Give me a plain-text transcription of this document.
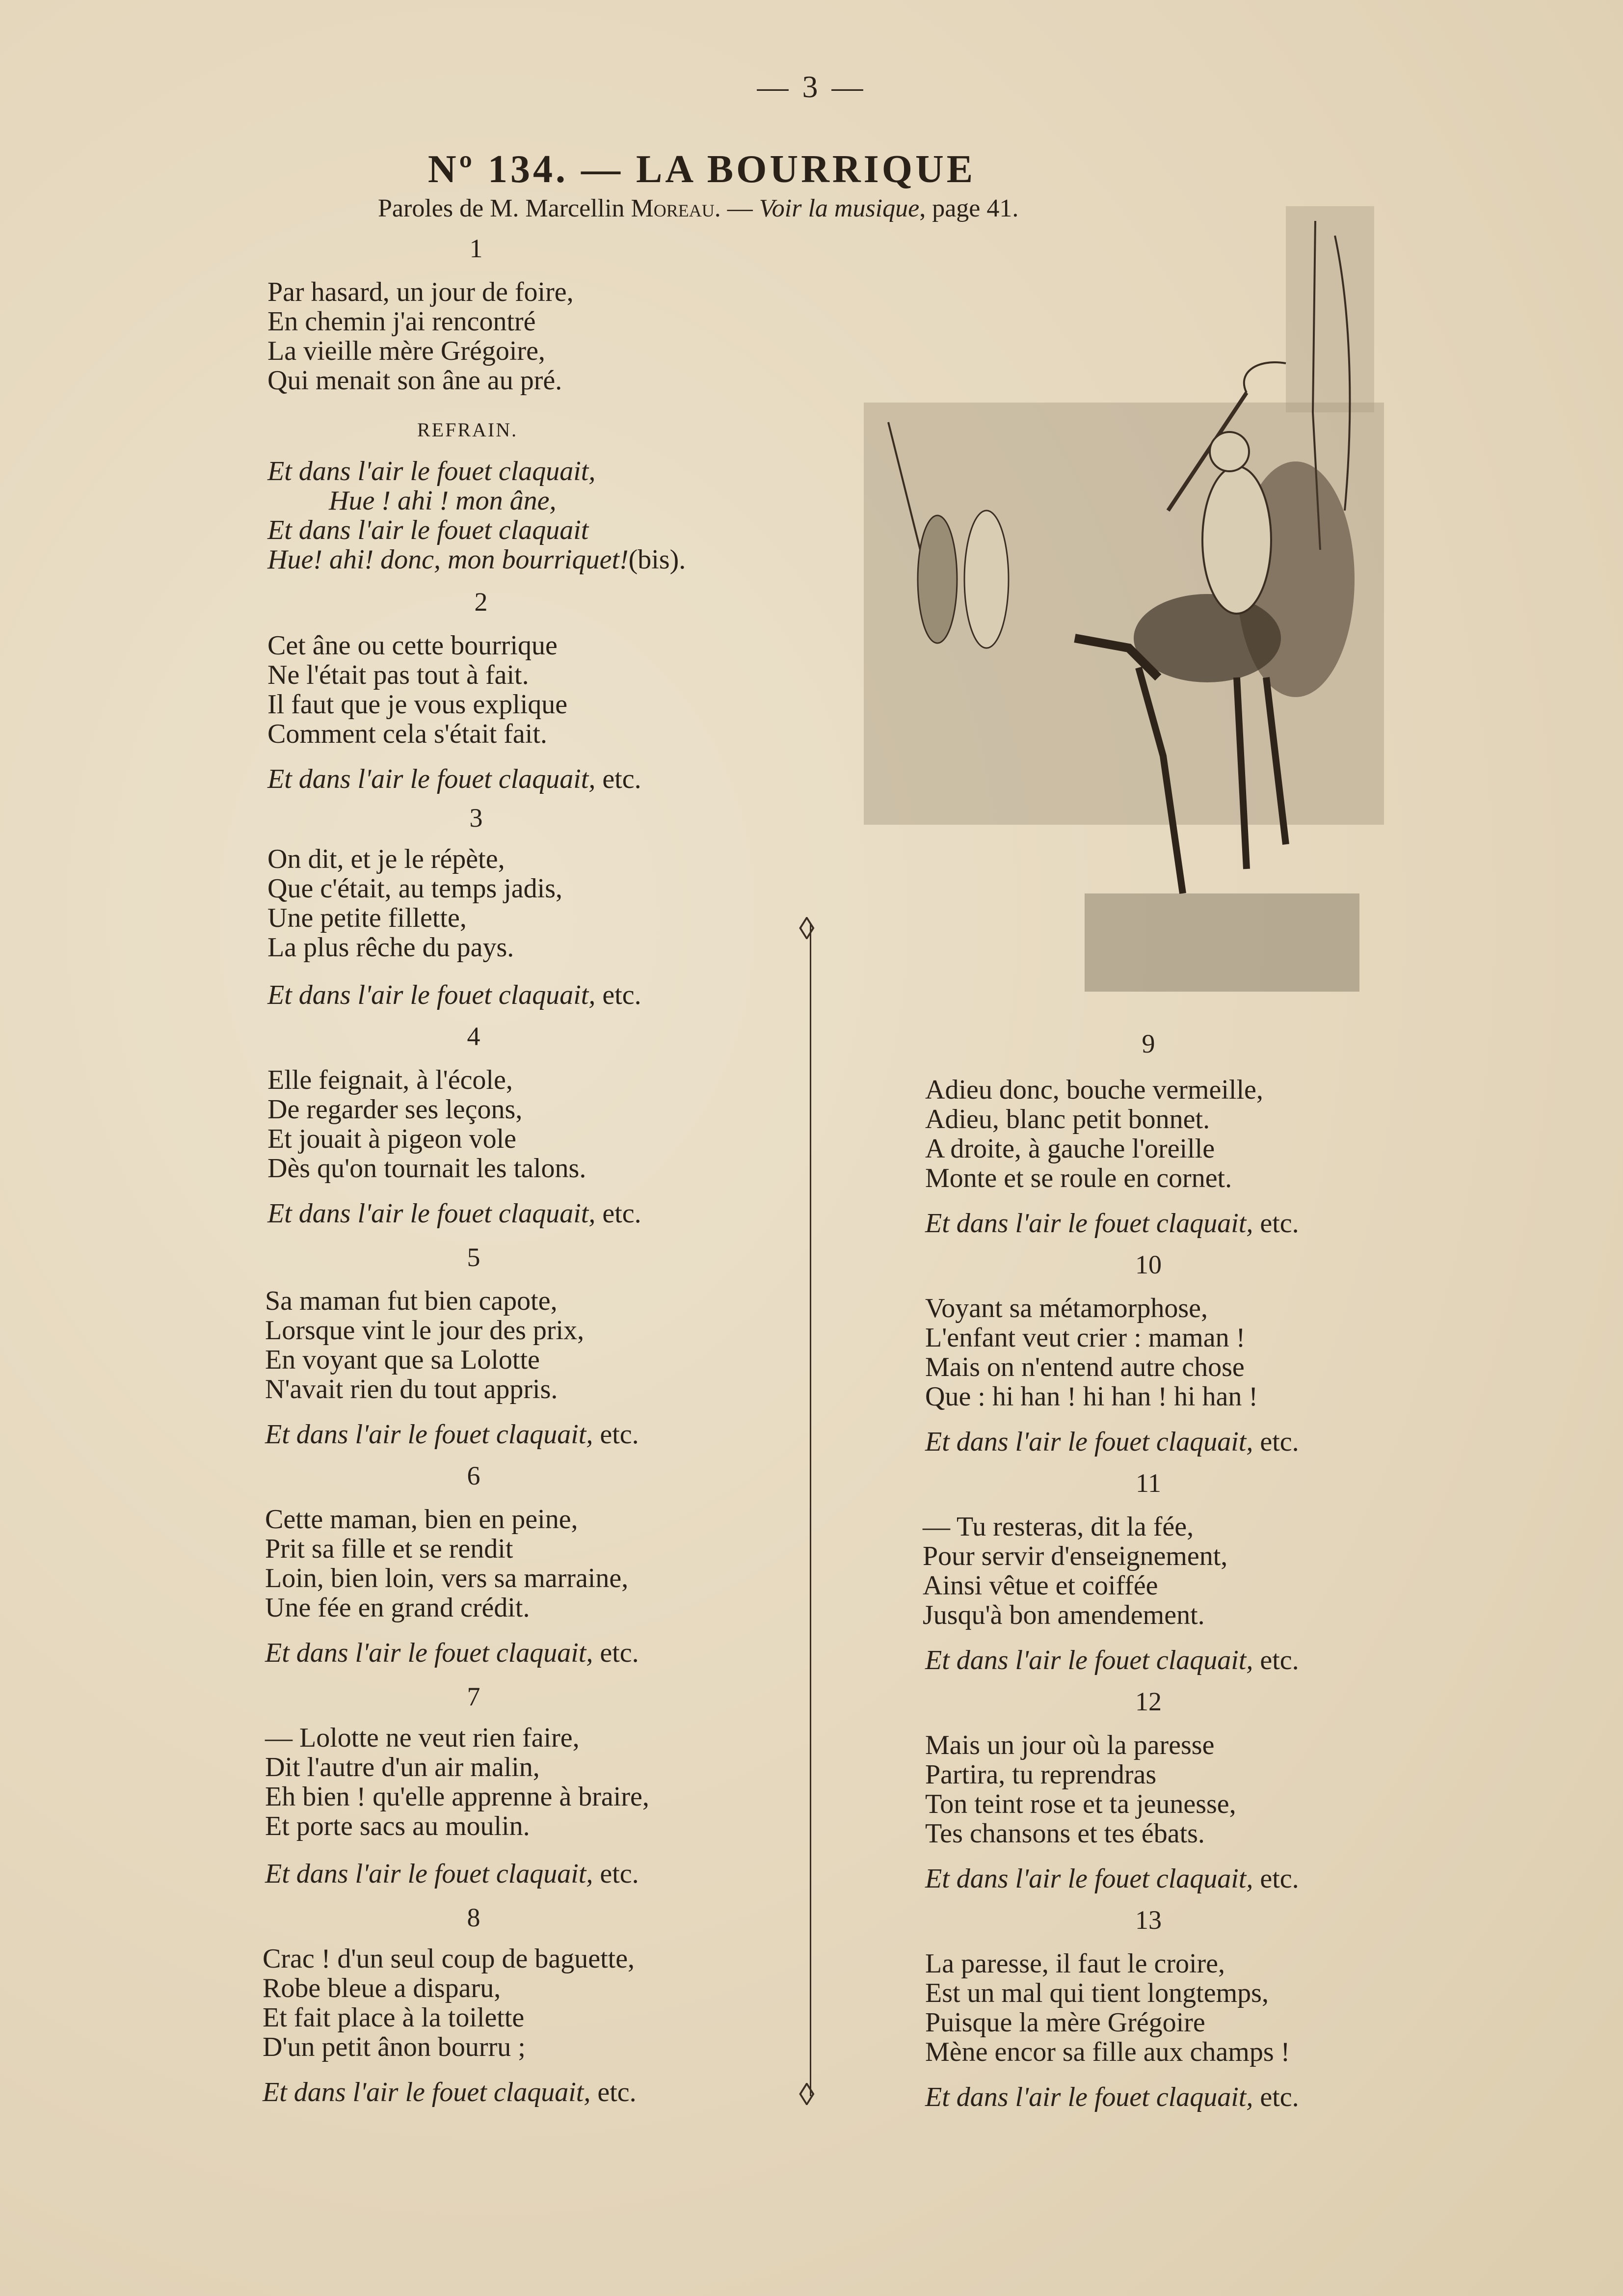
— 3 —
Nº 134. — LA BOURRIQUE
Paroles de M. Marcellin Moreau. — Voir la musique, page 41.
1
Par hasard, un jour de foire,
En chemin j'ai rencontré
La vieille mère Grégoire,
Qui menait son âne au pré.
REFRAIN.
Et dans l'air le fouet claquait,
Hue ! ahi ! mon âne,
Et dans l'air le fouet claquait
Hue! ahi! donc, mon bourriquet!(bis).
2
Cet âne ou cette bourrique
Ne l'était pas tout à fait.
Il faut que je vous explique
Comment cela s'était fait.
Et dans l'air le fouet claquait, etc.
3
On dit, et je le répète,
Que c'était, au temps jadis,
Une petite fillette,
La plus rêche du pays.
Et dans l'air le fouet claquait, etc.
4
Elle feignait, à l'école,
De regarder ses leçons,
Et jouait à pigeon vole
Dès qu'on tournait les talons.
Et dans l'air le fouet claquait, etc.
5
Sa maman fut bien capote,
Lorsque vint le jour des prix,
En voyant que sa Lolotte
N'avait rien du tout appris.
Et dans l'air le fouet claquait, etc.
6
Cette maman, bien en peine,
Prit sa fille et se rendit
Loin, bien loin, vers sa marraine,
Une fée en grand crédit.
Et dans l'air le fouet claquait, etc.
7
— Lolotte ne veut rien faire,
Dit l'autre d'un air malin,
Eh bien ! qu'elle apprenne à braire,
Et porte sacs au moulin.
Et dans l'air le fouet claquait, etc.
8
Crac ! d'un seul coup de baguette,
Robe bleue a disparu,
Et fait place à la toilette
D'un petit ânon bourru ;
Et dans l'air le fouet claquait, etc.
◊
◊
9
Adieu donc, bouche vermeille,
Adieu, blanc petit bonnet.
A droite, à gauche l'oreille
Monte et se roule en cornet.
Et dans l'air le fouet claquait, etc.
10
Voyant sa métamorphose,
L'enfant veut crier : maman !
Mais on n'entend autre chose
Que : hi han ! hi han ! hi han !
Et dans l'air le fouet claquait, etc.
11
— Tu resteras, dit la fée,
Pour servir d'enseignement,
Ainsi vêtue et coiffée
Jusqu'à bon amendement.
Et dans l'air le fouet claquait, etc.
12
Mais un jour où la paresse
Partira, tu reprendras
Ton teint rose et ta jeunesse,
Tes chansons et tes ébats.
Et dans l'air le fouet claquait, etc.
13
La paresse, il faut le croire,
Est un mal qui tient longtemps,
Puisque la mère Grégoire
Mène encor sa fille aux champs !
Et dans l'air le fouet claquait, etc.
